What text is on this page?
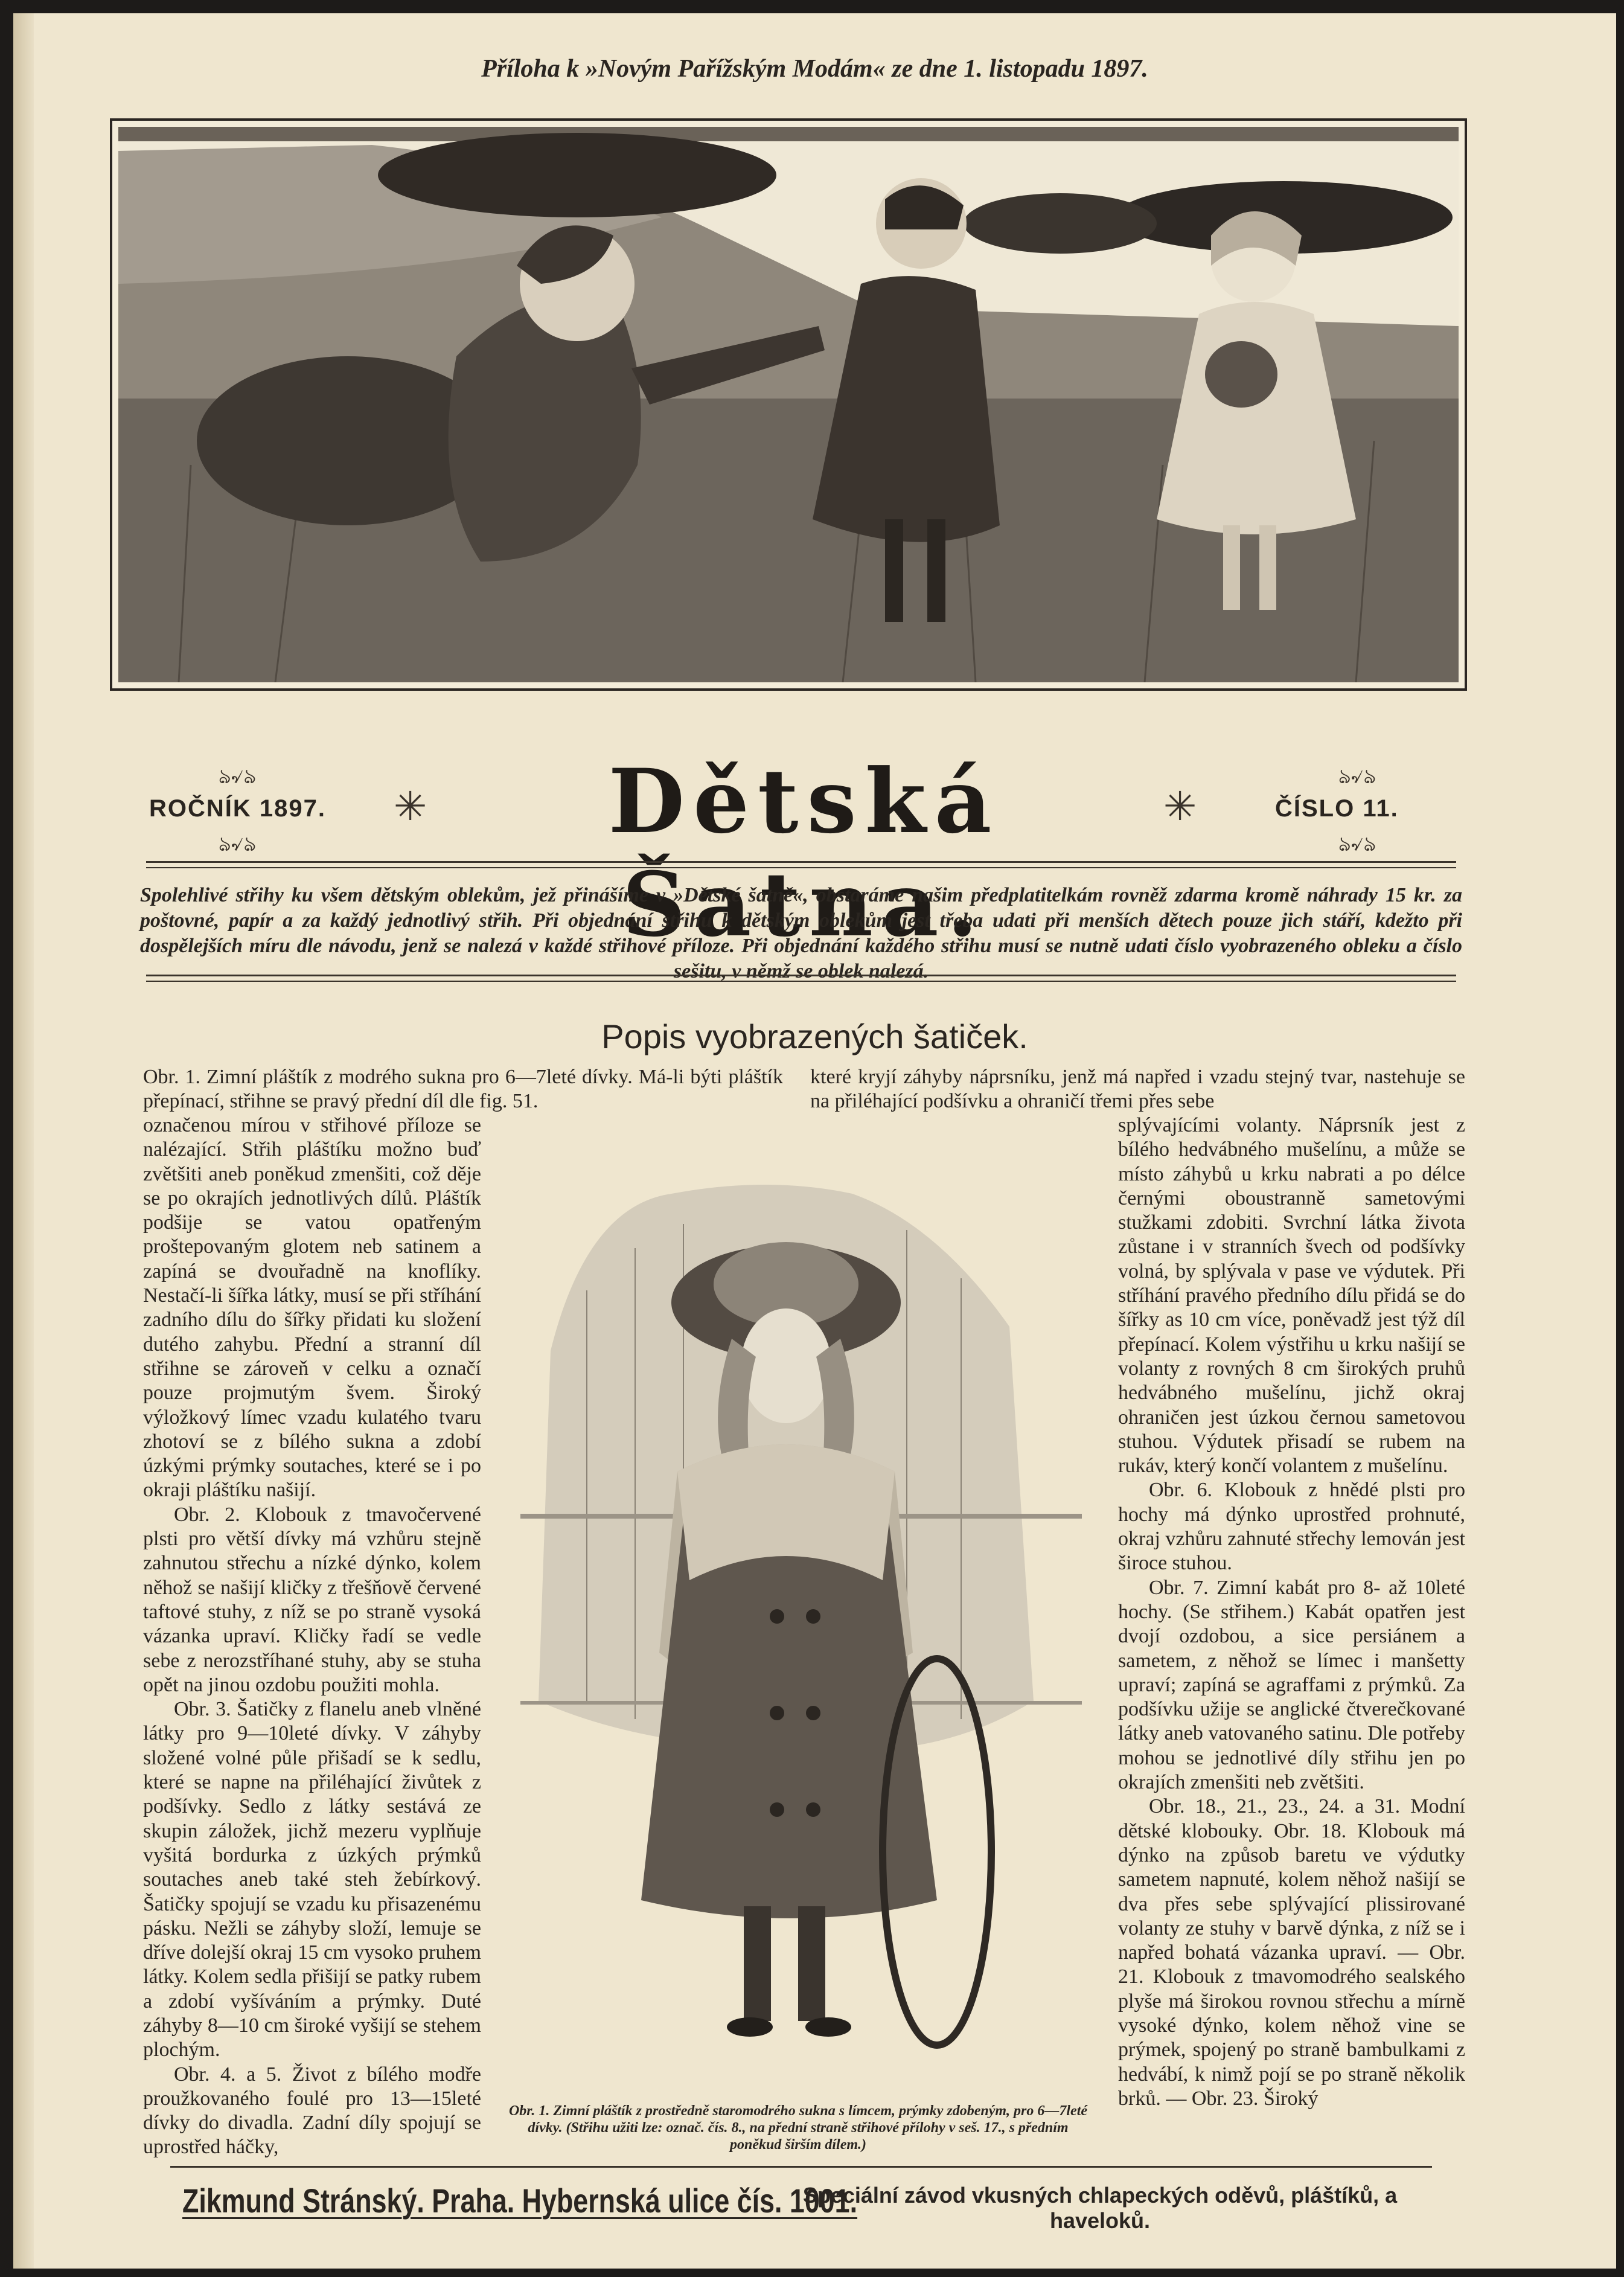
Příloha k »Novým Pařížským Modám« ze dne 1. listopadu 1897.
ঌ৵ঌ
ঌ৵ঌ
ROČNÍK 1897. ✳	Dětská Šatna.
✳
ঌ৵ঌ
ঌ৵ঌ
ČÍSLO 11.
Spolehlivé střihy ku všem dětským oblekům, jež přinášíme v »Dětské šatně«, obstaráme našim předplatitelkám rovněž zdarma kromě náhrady 15 kr. za poštovné, papír a za každý jednotlivý střih. Při objednání střihu k dětským oblekům jest třeba udati při menších dětech pouze jich stáří, kdežto při dospělejších míru dle návodu, jenž se nalezá v každé střihové příloze. Při objednání každého střihu musí se nutně udati číslo vyobrazeného obleku a číslo sešitu, v němž se oblek nalezá.
Popis vyobrazených šatiček.
Obr. 1. Zimní pláštík z modrého sukna pro 6—7leté dívky. Má-li býti pláštík přepínací, střihne se pravý přední díl dle fig. 51.

označenou mírou v střihové příloze se nalézající. Střih pláštíku možno buď zvětšiti aneb poněkud zmenšiti, což děje se po okrajích jednotlivých dílů. Pláštík podšije se vatou opatřeným proštepovaným glotem neb satinem a zapíná se dvouřadně na knoflíky. Nestačí-li šířka látky, musí se při stříhání zadního dílu do šířky přidati ku složení dutého zahybu. Přední a stranní díl střihne se zároveň v celku a označí pouze projmutým švem. Široký výložkový límec vzadu kulatého tvaru zhotoví se z bílého sukna a zdobí úzkými prýmky soutaches, které se i po okraji pláštíku našijí.

Obr. 2. Klobouk z tmavočervené plsti pro větší dívky má vzhůru stejně zahnutou střechu a nízké dýnko, kolem něhož se našijí kličky z třešňově červené taftové stuhy, z níž se po straně vysoká vázanka upraví. Kličky řadí se vedle sebe z nerozstříhané stuhy, aby se stuha opět na jinou ozdobu použiti mohla.

Obr. 3. Šatičky z flanelu aneb vlněné látky pro 9—10leté dívky. V záhyby složené volné půle přišadí se k sedlu, které se napne na přiléhající živůtek z podšívky. Sedlo z látky sestává ze skupin záložek, jichž mezeru vyplňuje vyšitá bordurka z úzkých prýmků soutaches aneb také steh žebírkový. Šatičky spojují se vzadu ku přisazenému pásku. Nežli se záhyby složí, lemuje se dříve dolejší okraj 15 cm vysoko pruhem látky. Kolem sedla přišijí se patky rubem a zdobí vyšíváním a prýmky. Duté záhyby 8—10 cm široké vyšijí se stehem plochým.

Obr. 4. a 5. Život z bílého modře proužkovaného foulé pro 13—15leté dívky do divadla. Zadní díly spojují se uprostřed háčky,

které kryjí záhyby náprsníku, jenž má napřed i vzadu stejný tvar, nastehuje se na přiléhající podšívku a ohraničí třemi přes sebe

splývajícími volanty. Náprsník jest z bílého hedvábného mušelínu, a může se místo záhybů u krku nabrati a po délce černými oboustranně sametovými stužkami zdobiti. Svrchní látka života zůstane i v stranních švech od podšívky volná, by splývala v pase ve výdutek. Při stříhání pravého předního dílu přidá se do šířky as 10 cm více, poněvadž jest týž díl přepínací. Kolem výstřihu u krku našijí se volanty z rovných 8 cm širokých pruhů hedvábného mušelínu, jichž okraj ohraničen jest úzkou černou sametovou stuhou. Výdutek přisadí se rubem na rukáv, který končí volantem z mušelínu.

Obr. 6. Klobouk z hnědé plsti pro hochy má dýnko uprostřed prohnuté, okraj vzhůru zahnuté střechy lemován jest široce stuhou.

Obr. 7. Zimní kabát pro 8- až 10leté hochy. (Se střihem.) Kabát opatřen jest dvojí ozdobou, a sice persiánem a sametem, z něhož se límec i manšetty upraví; zapíná se agraffami z prýmků. Za podšívku užije se anglické čtverečkované látky aneb vatovaného satinu. Dle potřeby mohou se jednotlivé díly střihu jen po okrajích zmenšiti neb zvětšiti.

Obr. 18., 21., 23., 24. a 31. Modní dětské klobouky. Obr. 18. Klobouk má dýnko na způsob baretu ve výdutky sametem napnuté, kolem něhož našijí se dva přes sebe splývající plissirované volanty ze stuhy v barvě dýnka, z níž se i napřed bohatá vázanka upraví. — Obr. 21. Klobouk z tmavomodrého sealského plyše má širokou rovnou střechu a mírně vysoké dýnko, kolem něhož vine se prýmek, spojený po straně bambulkami z hedvábí, k nimž pojí se po straně několik brků. — Obr. 23. Široký

Obr. 1. Zimní pláštík z prostředně staromodrého sukna s límcem, prýmky zdobeným, pro 6—7leté dívky. (Střihu užiti lze: označ. čís. 8., na přední straně střihové přílohy v seš. 17., s předním poněkud širším dílem.)
Zikmund Stránský. Praha. Hybernská ulice čís. 1001.
Speciální závod vkusných chlapeckých oděvů, pláštíků, a haveloků.
